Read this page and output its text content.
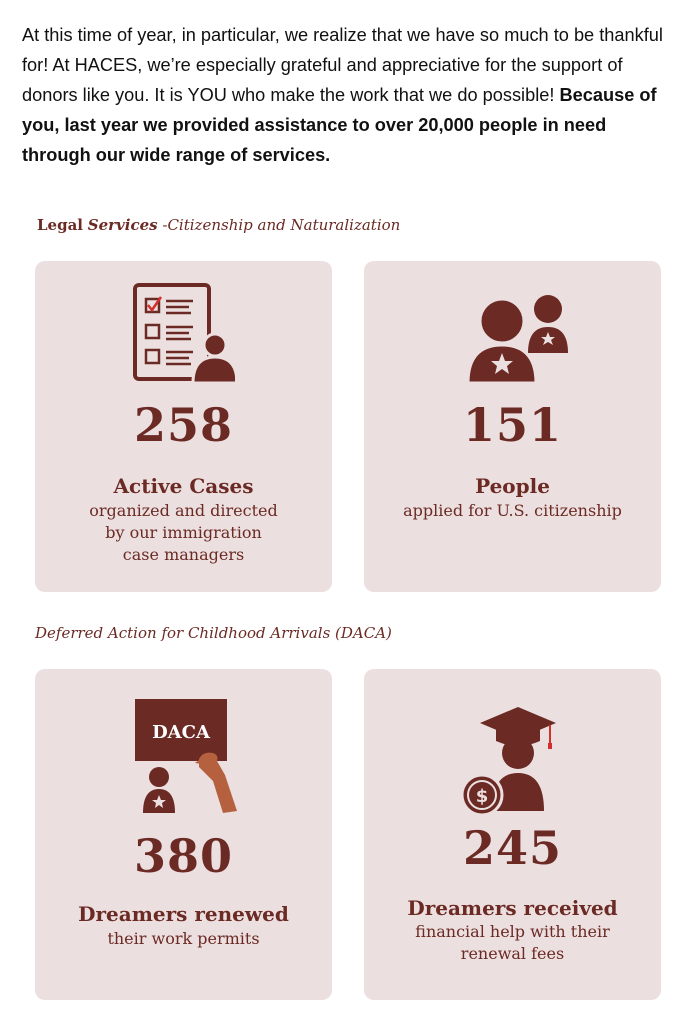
At this time of year, in particular, we realize that we have so much to be thankful for! At HACES, we’re especially grateful and appreciative for the support of donors like you. It is YOU who make the work that we do possible! Because of you, last year we provided assistance to over 20,000 people in need through our wide range of services.

Legal Services -Citizenship and Naturalization
258
Active Cases
organized and directed
by our immigration
case managers
151
People
applied for U.S. citizenship
Deferred Action for Childhood Arrivals (DACA)
DACA
380
Dreamers renewed
their work permits
$
245
Dreamers received
financial help with their
renewal fees
